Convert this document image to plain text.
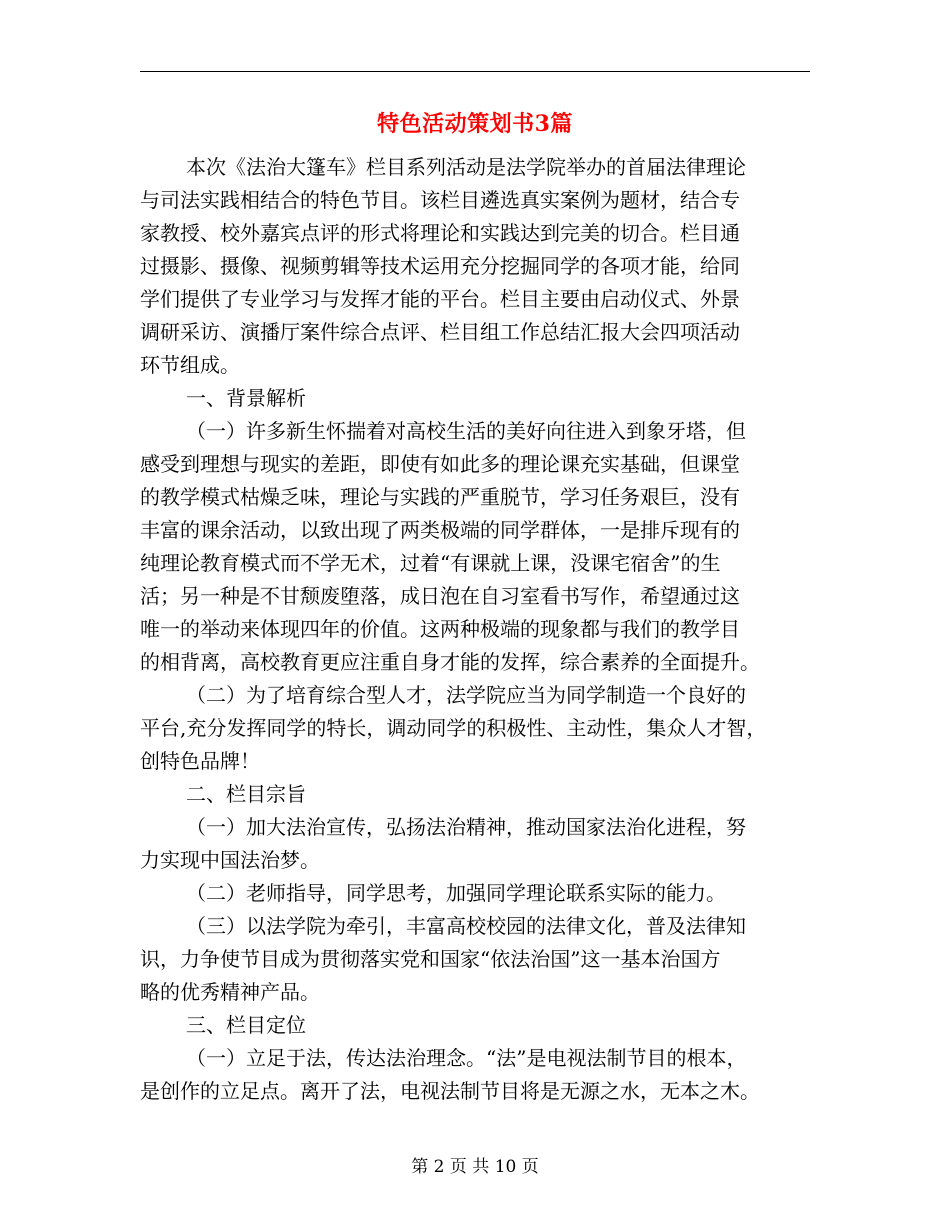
特色活动策划书3篇
本次《法治大篷车》栏目系列活动是法学院举办的首届法律理论
与司法实践相结合的特色节目。该栏目遴选真实案例为题材，结合专
家教授、校外嘉宾点评的形式将理论和实践达到完美的切合。栏目通
过摄影、摄像、视频剪辑等技术运用充分挖掘同学的各项才能，给同
学们提供了专业学习与发挥才能的平台。栏目主要由启动仪式、外景
调研采访、演播厅案件综合点评、栏目组工作总结汇报大会四项活动
环节组成。
一、背景解析
（一）许多新生怀揣着对高校生活的美好向往进入到象牙塔，但
感受到理想与现实的差距，即使有如此多的理论课充实基础，但课堂
的教学模式枯燥乏味，理论与实践的严重脱节，学习任务艰巨，没有
丰富的课余活动，以致出现了两类极端的同学群体，一是排斥现有的
纯理论教育模式而不学无术，过着“有课就上课，没课宅宿舍”的生
活；另一种是不甘颓废堕落，成日泡在自习室看书写作，希望通过这
唯一的举动来体现四年的价值。这两种极端的现象都与我们的教学目
的相背离，高校教育更应注重自身才能的发挥，综合素养的全面提升。
（二）为了培育综合型人才，法学院应当为同学制造一个良好的
平台,充分发挥同学的特长，调动同学的积极性、主动性，集众人才智，
创特色品牌！
二、栏目宗旨
（一）加大法治宣传，弘扬法治精神，推动国家法治化进程，努
力实现中国法治梦。
（二）老师指导，同学思考，加强同学理论联系实际的能力。
（三）以法学院为牵引，丰富高校校园的法律文化，普及法律知
识，力争使节目成为贯彻落实党和国家“依法治国”这一基本治国方
略的优秀精神产品。
三、栏目定位
（一）立足于法，传达法治理念。“法”是电视法制节目的根本，
是创作的立足点。离开了法，电视法制节目将是无源之水，无本之木。
第 2 页 共 10 页
